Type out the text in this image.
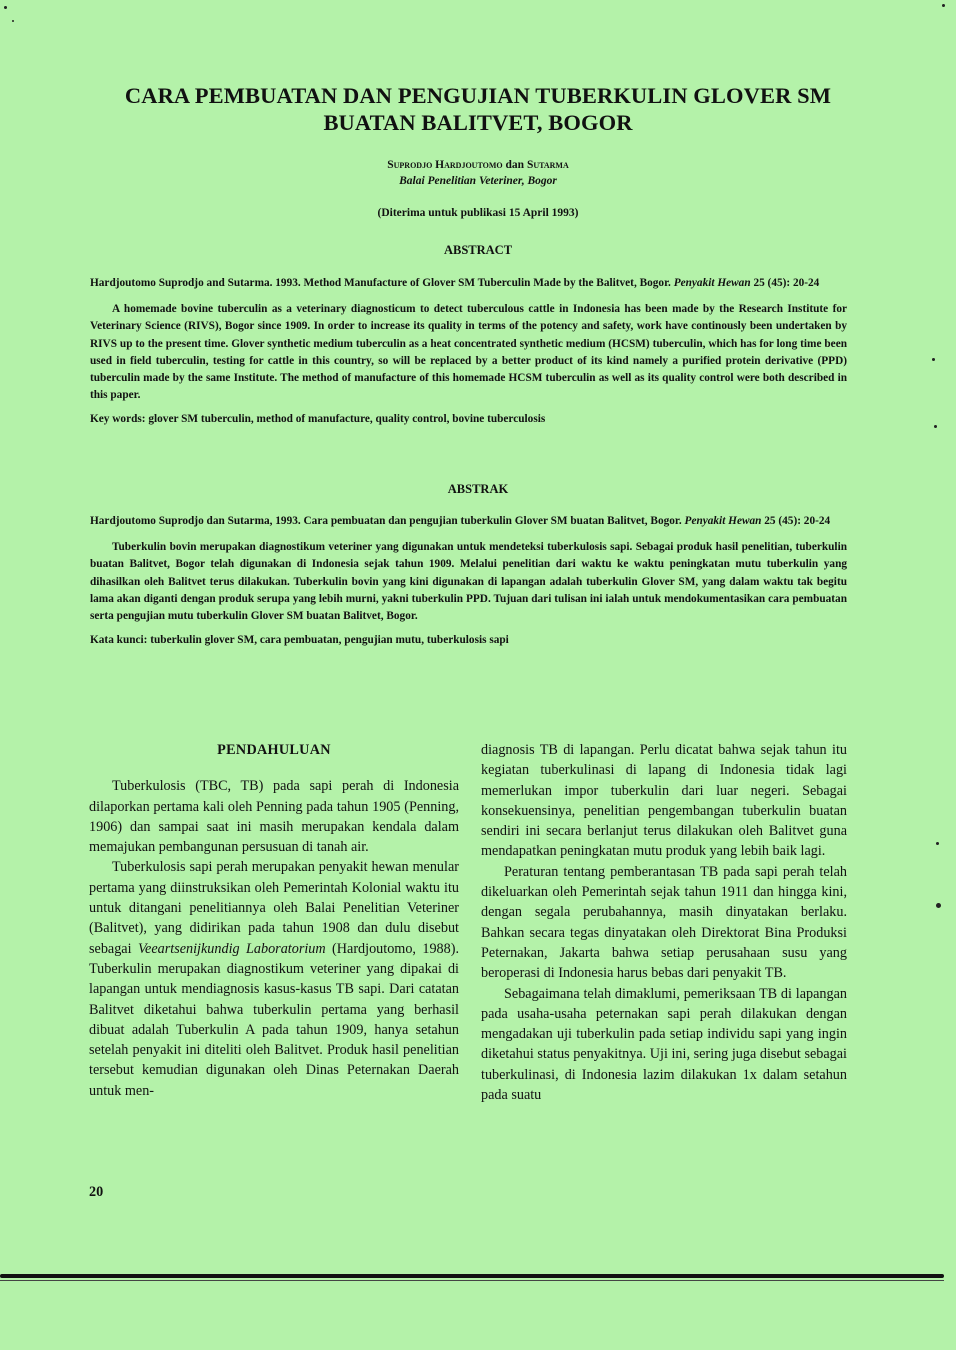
CARA PEMBUATAN DAN PENGUJIAN TUBERKULIN GLOVER SM
BUATAN BALITVET, BOGOR
Suprodjo Hardjoutomo dan Sutarma
Balai Penelitian Veteriner, Bogor
(Diterima untuk publikasi 15 April 1993)
ABSTRACT

Hardjoutomo Suprodjo and Sutarma. 1993. Method Manufacture of Glover SM Tuberculin Made by the Balitvet, Bogor. Penyakit Hewan 25 (45): 20-24

A homemade bovine tuberculin as a veterinary diagnosticum to detect tuberculous cattle in Indonesia has been made by the Research Institute for Veterinary Science (RIVS), Bogor since 1909. In order to increase its quality in terms of the potency and safety, work have continously been undertaken by RIVS up to the present time. Glover synthetic medium tuberculin as a heat concentrated synthetic medium (HCSM) tuberculin, which has for long time been used in field tuberculin, testing for cattle in this country, so will be replaced by a better product of its kind namely a purified protein derivative (PPD) tuberculin made by the same Institute. The method of manufacture of this homemade HCSM tuberculin as well as its quality control were both described in this paper.

Key words: glover SM tuberculin, method of manufacture, quality control, bovine tuberculosis

ABSTRAK

Hardjoutomo Suprodjo dan Sutarma, 1993. Cara pembuatan dan pengujian tuberkulin Glover SM buatan Balitvet, Bogor. Penyakit Hewan 25 (45): 20-24

Tuberkulin bovin merupakan diagnostikum veteriner yang digunakan untuk mendeteksi tuberkulosis sapi. Sebagai produk hasil penelitian, tuberkulin buatan Balitvet, Bogor telah digunakan di Indonesia sejak tahun 1909. Melalui penelitian dari waktu ke waktu peningkatan mutu tuberkulin yang dihasilkan oleh Balitvet terus dilakukan. Tuberkulin bovin yang kini digunakan di lapangan adalah tuberkulin Glover SM, yang dalam waktu tak begitu lama akan diganti dengan produk serupa yang lebih murni, yakni tuberkulin PPD. Tujuan dari tulisan ini ialah untuk mendokumentasikan cara pembuatan serta pengujian mutu tuberkulin Glover SM buatan Balitvet, Bogor.

Kata kunci: tuberkulin glover SM, cara pembuatan, pengujian mutu, tuberkulosis sapi

PENDAHULUAN

Tuberkulosis (TBC, TB) pada sapi perah di Indonesia dilaporkan pertama kali oleh Penning pada tahun 1905 (Penning, 1906) dan sampai saat ini masih merupakan kendala dalam memajukan pembangunan persusuan di tanah air.

Tuberkulosis sapi perah merupakan penyakit hewan menular pertama yang diinstruksikan oleh Pemerintah Kolonial waktu itu untuk ditangani penelitiannya oleh Balai Penelitian Veteriner (Balitvet), yang didirikan pada tahun 1908 dan dulu disebut sebagai Veeartsenijkundig Laboratorium (Hardjoutomo, 1988). Tuberkulin merupakan diagnostikum veteriner yang dipakai di lapangan untuk mendiagnosis kasus-kasus TB sapi. Dari catatan Balitvet diketahui bahwa tuberkulin pertama yang berhasil dibuat adalah Tuberkulin A pada tahun 1909, hanya setahun setelah penyakit ini diteliti oleh Balitvet. Produk hasil penelitian tersebut kemudian digunakan oleh Dinas Peternakan Daerah untuk men-

diagnosis TB di lapangan. Perlu dicatat bahwa sejak tahun itu kegiatan tuberkulinasi di lapang di Indonesia tidak lagi memerlukan impor tuberkulin dari luar negeri. Sebagai konsekuensinya, penelitian pengembangan tuberkulin buatan sendiri ini secara berlanjut terus dilakukan oleh Balitvet guna mendapatkan peningkatan mutu produk yang lebih baik lagi.

Peraturan tentang pemberantasan TB pada sapi perah telah dikeluarkan oleh Pemerintah sejak tahun 1911 dan hingga kini, dengan segala perubahannya, masih dinyatakan berlaku. Bahkan secara tegas dinyatakan oleh Direktorat Bina Produksi Peternakan, Jakarta bahwa setiap perusahaan susu yang beroperasi di Indonesia harus bebas dari penyakit TB.

Sebagaimana telah dimaklumi, pemeriksaan TB di lapangan pada usaha-usaha peternakan sapi perah dilakukan dengan mengadakan uji tuberkulin pada setiap individu sapi yang ingin diketahui status penyakitnya. Uji ini, sering juga disebut sebagai tuberkulinasi, di Indonesia lazim dilakukan 1x dalam setahun pada suatu

20
